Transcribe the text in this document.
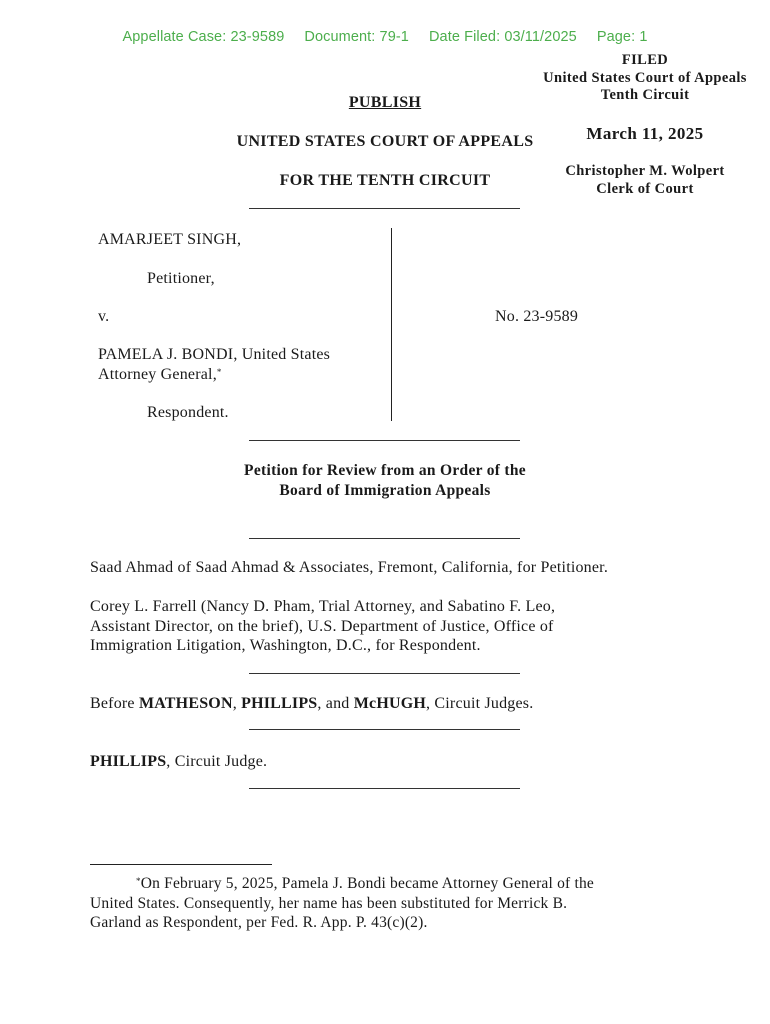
Appellate Case: 23-9589 Document: 79-1 Date Filed: 03/11/2025 Page: 1
FILED
United States Court of Appeals
Tenth Circuit
March 11, 2025
Christopher M. Wolpert
Clerk of Court
PUBLISH
UNITED STATES COURT OF APPEALS
FOR THE TENTH CIRCUIT
AMARJEET SINGH,
Petitioner,
v.
PAMELA J. BONDI, United States
Attorney General,*
Respondent.
No. 23-9589
Petition for Review from an Order of the
Board of Immigration Appeals
Saad Ahmad of Saad Ahmad & Associates, Fremont, California, for Petitioner.
Corey L. Farrell (Nancy D. Pham, Trial Attorney, and Sabatino F. Leo,
Assistant Director, on the brief), U.S. Department of Justice, Office of
Immigration Litigation, Washington, D.C., for Respondent.
Before MATHESON, PHILLIPS, and McHUGH, Circuit Judges.
PHILLIPS, Circuit Judge.
*On February 5, 2025, Pamela J. Bondi became Attorney General of the
United States. Consequently, her name has been substituted for Merrick B.
Garland as Respondent, per Fed. R. App. P. 43(c)(2).
